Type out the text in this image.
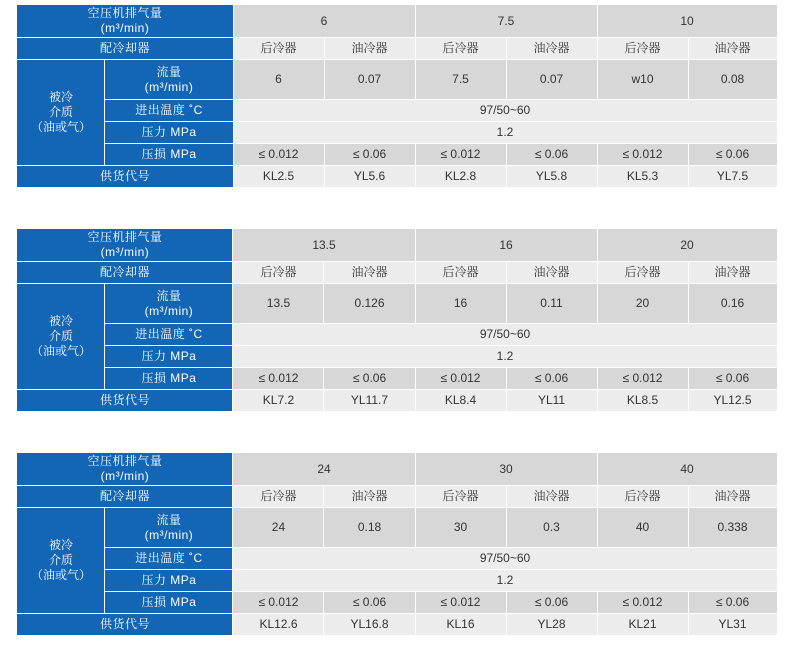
空压机排气量
(m³/min)		6		7.5		10	
配冷却器		后冷器	油冷器	后冷器	油冷器	后冷器	油冷器
被冷
介质
（油或气）	流量
(m³/min)	6	0.07	7.5	0.07	w10	0.08
	进出温度 ˚C	97/50~60					
	压力 MPa	1.2					
	压损 MPa	≤ 0.012	≤ 0.06	≤ 0.012	≤ 0.06	≤ 0.012	≤ 0.06
供货代号		KL2.5	YL5.6	KL2.8	YL5.8	KL5.3	YL7.5
空压机排气量
(m³/min)		13.5		16		20	
配冷却器		后冷器	油冷器	后冷器	油冷器	后冷器	油冷器
被冷
介质
（油或气）	流量
(m³/min)	13.5	0.126	16	0.11	20	0.16
	进出温度 ˚C	97/50~60					
	压力 MPa	1.2					
	压损 MPa	≤ 0.012	≤ 0.06	≤ 0.012	≤ 0.06	≤ 0.012	≤ 0.06
供货代号		KL7.2	YL11.7	KL8.4	YL11	KL8.5	YL12.5
空压机排气量
(m³/min)		24		30		40	
配冷却器		后冷器	油冷器	后冷器	油冷器	后冷器	油冷器
被冷
介质
（油或气）	流量
(m³/min)	24	0.18	30	0.3	40	0.338
	进出温度 ˚C	97/50~60					
	压力 MPa	1.2					
	压损 MPa	≤ 0.012	≤ 0.06	≤ 0.012	≤ 0.06	≤ 0.012	≤ 0.06
供货代号		KL12.6	YL16.8	KL16	YL28	KL21	YL31
